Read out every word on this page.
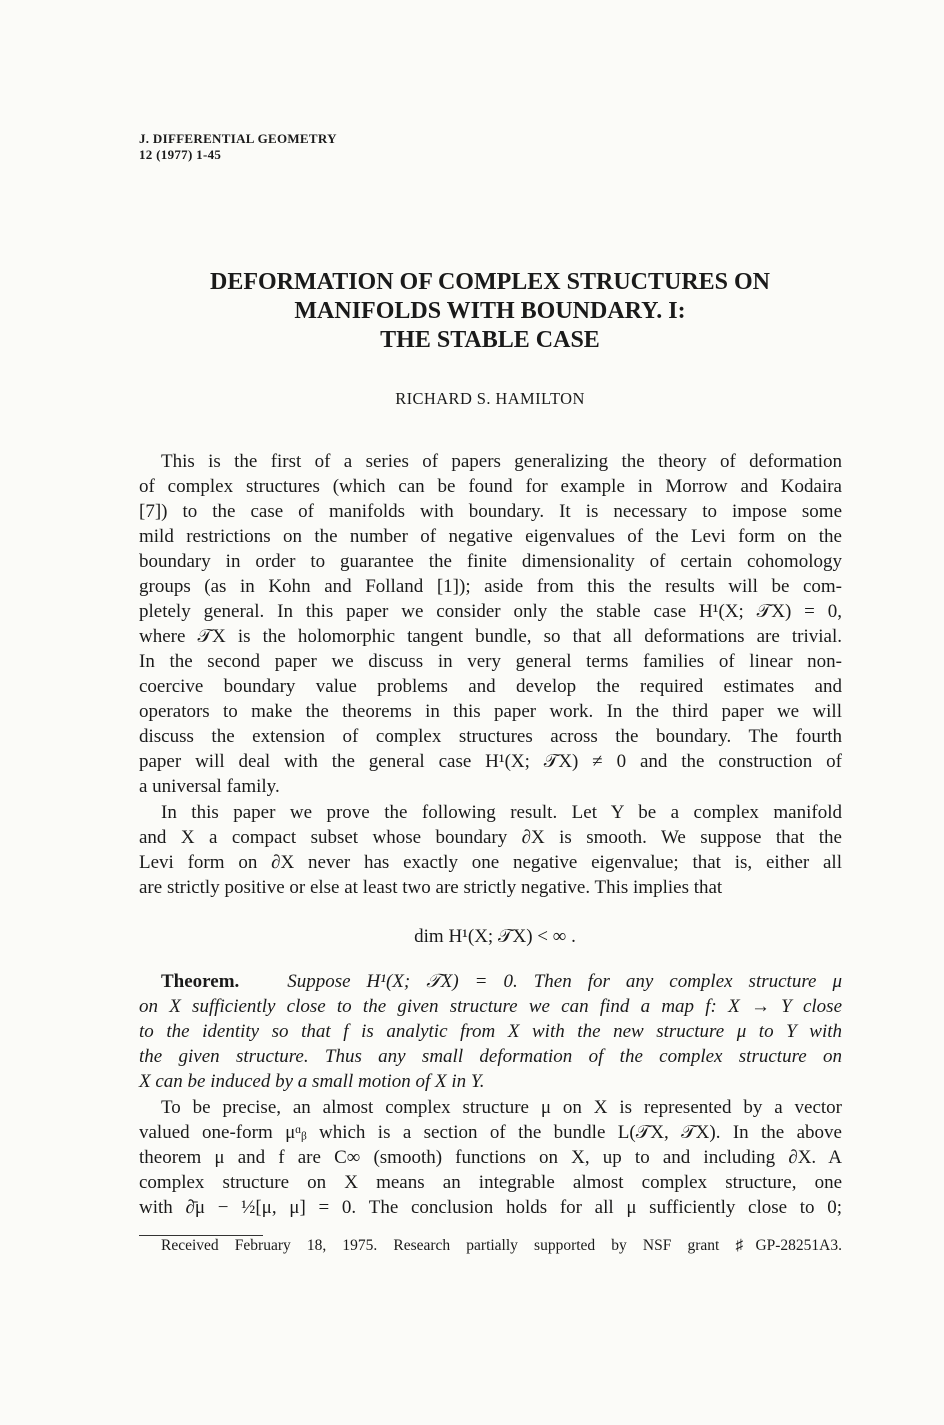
J. DIFFERENTIAL GEOMETRY
12 (1977) 1-45
DEFORMATION OF COMPLEX STRUCTURES ON
MANIFOLDS WITH BOUNDARY. I:
THE STABLE CASE
RICHARD S. HAMILTON
This is the first of a series of papers generalizing the theory of deformation
of complex structures (which can be found for example in Morrow and Kodaira
[7]) to the case of manifolds with boundary. It is necessary to impose some
mild restrictions on the number of negative eigenvalues of the Levi form on the
boundary in order to guarantee the finite dimensionality of certain cohomology
groups (as in Kohn and Folland [1]); aside from this the results will be com-
pletely general. In this paper we consider only the stable case H¹(X; 𝒯X) = 0,
where 𝒯X is the holomorphic tangent bundle, so that all deformations are trivial.
In the second paper we discuss in very general terms families of linear non-
coercive boundary value problems and develop the required estimates and
operators to make the theorems in this paper work. In the third paper we will
discuss the extension of complex structures across the boundary. The fourth
paper will deal with the general case H¹(X; 𝒯X) ≠ 0 and the construction of
a universal family.
In this paper we prove the following result. Let Y be a complex manifold
and X a compact subset whose boundary ∂X is smooth. We suppose that the
Levi form on ∂X never has exactly one negative eigenvalue; that is, either all
are strictly positive or else at least two are strictly negative. This implies that
dim H¹(X; 𝒯X) < ∞ .
Theorem.	Suppose H¹(X; 𝒯X) = 0. Then for any complex structure μ
on X sufficiently close to the given structure we can find a map f: X → Y close
to the identity so that f is analytic from X with the new structure μ to Y with
the given structure. Thus any small deformation of the complex structure on
X can be induced by a small motion of X in Y.
To be precise, an almost complex structure μ on X is represented by a vector
valued one-form μᵅᵦ which is a section of the bundle L(𝒯X, 𝒯X). In the above
theorem μ and f are C∞ (smooth) functions on X, up to and including ∂X. A
complex structure on X means an integrable almost complex structure, one
with ∂̄μ − ½[μ, μ] = 0. The conclusion holds for all μ sufficiently close to 0;
Received February 18, 1975. Research partially supported by NSF grant ♯GP-28251A3.
